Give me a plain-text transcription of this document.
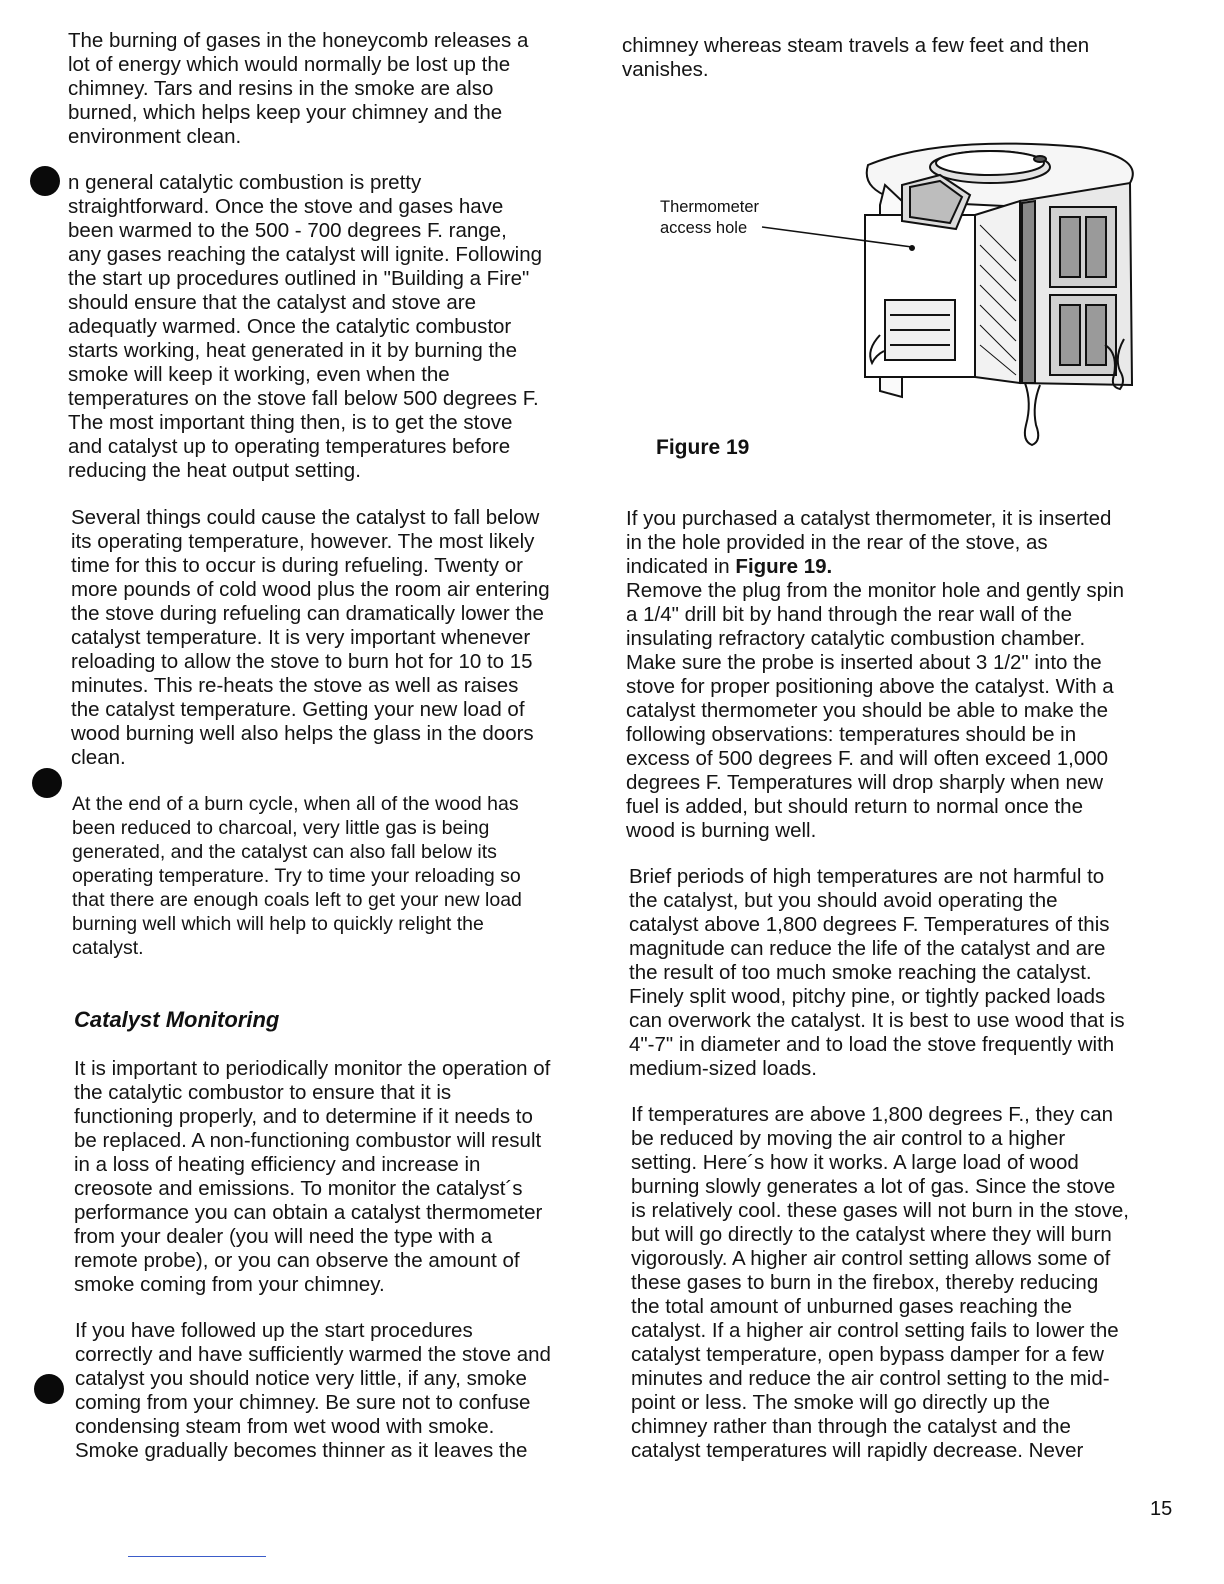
The burning of gases in the honeycomb releases a
lot of energy which would normally be lost up the
chimney. Tars and resins in the smoke are also
burned, which helps keep your chimney and the
environment clean.

n general catalytic combustion is pretty
straightforward. Once the stove and gases have
been warmed to the 500 - 700 degrees F. range,
any gases reaching the catalyst will ignite. Following
the start up procedures outlined in "Building a Fire"
should ensure that the catalyst and stove are
adequatly warmed. Once the catalytic combustor
starts working, heat generated in it by burning the
smoke will keep it working, even when the
temperatures on the stove fall below 500 degrees F.
The most important thing then, is to get the stove
and catalyst up to operating temperatures before
reducing the heat output setting.

Several things could cause the catalyst to fall below
its operating temperature, however. The most likely
time for this to occur is during refueling. Twenty or
more pounds of cold wood plus the room air entering
the stove during refueling can dramatically lower the
catalyst temperature. It is very important whenever
reloading to allow the stove to burn hot for 10 to 15
minutes. This re-heats the stove as well as raises
the catalyst temperature. Getting your new load of
wood burning well also helps the glass in the doors
clean.

At the end of a burn cycle, when all of the wood has
been reduced to charcoal, very little gas is being
generated, and the catalyst can also fall below its
operating temperature. Try to time your reloading so
that there are enough coals left to get your new load
burning well which will help to quickly relight the
catalyst.

Catalyst Monitoring

It is important to periodically monitor the operation of
the catalytic combustor to ensure that it is
functioning properly, and to determine if it needs to
be replaced. A non-functioning combustor will result
in a loss of heating efficiency and increase in
creosote and emissions. To monitor the catalyst´s
performance you can obtain a catalyst thermometer
from your dealer (you will need the type with a
remote probe), or you can observe the amount of
smoke coming from your chimney.

If you have followed up the start procedures
correctly and have sufficiently warmed the stove and
catalyst you should notice very little, if any, smoke
coming from your chimney. Be sure not to confuse
condensing steam from wet wood with smoke.
Smoke gradually becomes thinner as it leaves the

chimney whereas steam travels a few feet and then
vanishes.

Thermometer
access hole
Figure 19

If you purchased a catalyst thermometer, it is inserted
in the hole provided in the rear of the stove, as
indicated in Figure 19.
Remove the plug from the monitor hole and gently spin
a 1/4" drill bit by hand through the rear wall of the
insulating refractory catalytic combustion chamber.
Make sure the probe is inserted about 3 1/2" into the
stove for proper positioning above the catalyst. With a
catalyst thermometer you should be able to make the
following observations: temperatures should be in
excess of 500 degrees F. and will often exceed 1,000
degrees F. Temperatures will drop sharply when new
fuel is added, but should return to normal once the
wood is burning well.

Brief periods of high temperatures are not harmful to
the catalyst, but you should avoid operating the
catalyst above 1,800 degrees F. Temperatures of this
magnitude can reduce the life of the catalyst and are
the result of too much smoke reaching the catalyst.
Finely split wood, pitchy pine, or tightly packed loads
can overwork the catalyst. It is best to use wood that is
4"-7" in diameter and to load the stove frequently with
medium-sized loads.

If temperatures are above 1,800 degrees F., they can
be reduced by moving the air control to a higher
setting. Here´s how it works. A large load of wood
burning slowly generates a lot of gas. Since the stove
is relatively cool. these gases will not burn in the stove,
but will go directly to the catalyst where they will burn
vigorously. A higher air control setting allows some of
these gases to burn in the firebox, thereby reducing
the total amount of unburned gases reaching the
catalyst. If a higher air control setting fails to lower the
catalyst temperature, open bypass damper for a few
minutes and reduce the air control setting to the mid-
point or less. The smoke will go directly up the
chimney rather than through the catalyst and the
catalyst temperatures will rapidly decrease. Never

15
